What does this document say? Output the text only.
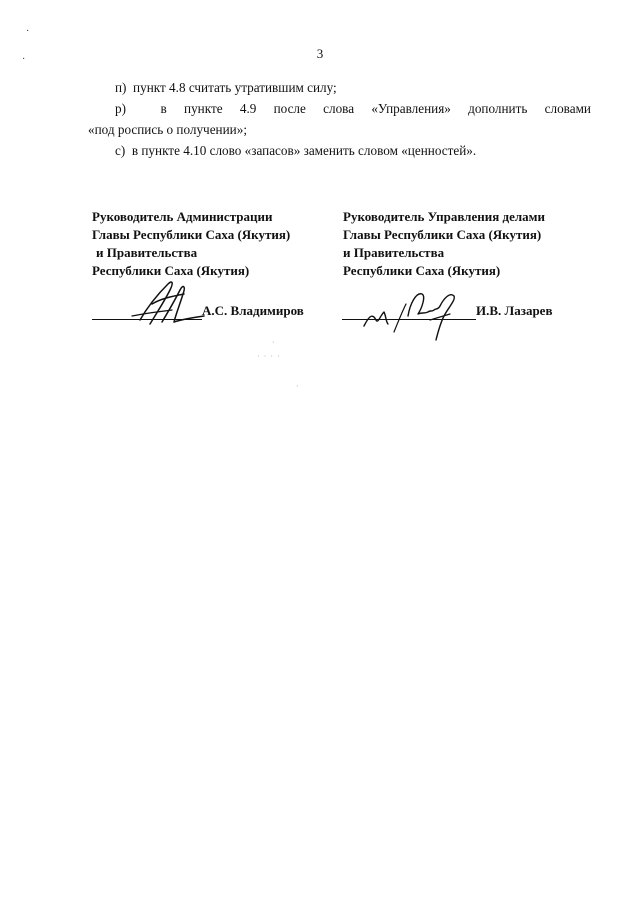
·
·	3
п) пункт 4.8 считать утратившим силу;
р)	в пункте 4.9 после слова «Управления» дополнить словами
«под роспись о получении»;
с) в пункте 4.10 слово «запасов» заменить словом «ценностей».
Руководитель Администрации
Главы Республики Саха (Якутия)
и Правительства
Республики Саха (Якутия)
Руководитель Управления делами
Главы Республики Саха (Якутия)
и Правительства
Республики Саха (Якутия)
А.С. Владимиров	И.В. Лазарев
·
·  ·  ·  ·
·
